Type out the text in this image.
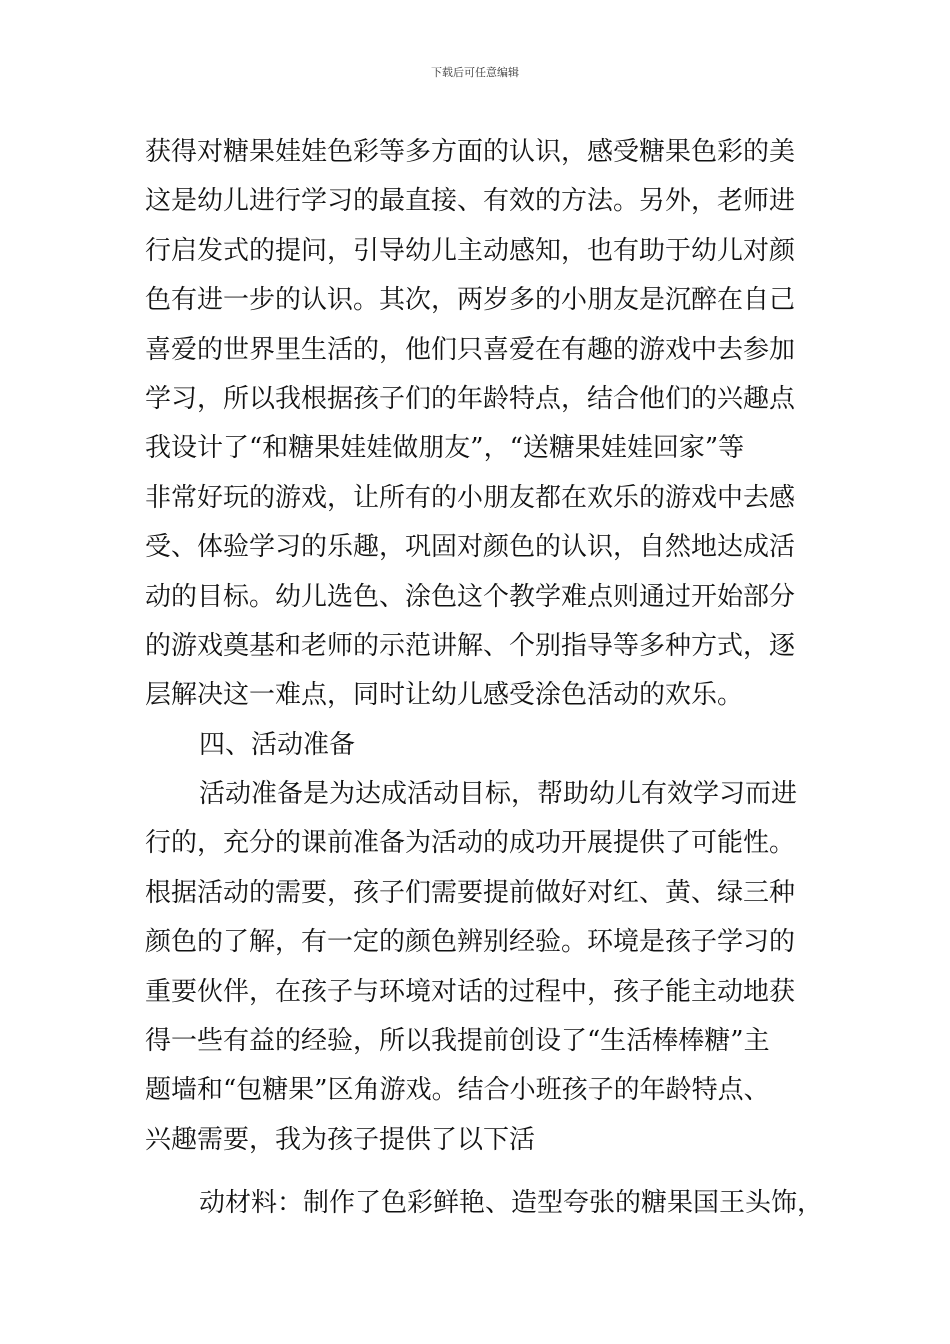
下载后可任意编辑
获得对糖果娃娃色彩等多方面的认识，感受糖果色彩的美
这是幼儿进行学习的最直接、有效的方法。另外，老师进
行启发式的提问，引导幼儿主动感知，也有助于幼儿对颜
色有进一步的认识。其次，两岁多的小朋友是沉醉在自己
喜爱的世界里生活的，他们只喜爱在有趣的游戏中去参加
学习，所以我根据孩子们的年龄特点，结合他们的兴趣点
我设计了“和糖果娃娃做朋友”，“送糖果娃娃回家”等
非常好玩的游戏，让所有的小朋友都在欢乐的游戏中去感
受、体验学习的乐趣，巩固对颜色的认识，自然地达成活
动的目标。幼儿选色、涂色这个教学难点则通过开始部分
的游戏奠基和老师的示范讲解、个别指导等多种方式，逐
层解决这一难点，同时让幼儿感受涂色活动的欢乐。
四、活动准备
活动准备是为达成活动目标，帮助幼儿有效学习而进
行的，充分的课前准备为活动的成功开展提供了可能性。
根据活动的需要，孩子们需要提前做好对红、黄、绿三种
颜色的了解，有一定的颜色辨别经验。环境是孩子学习的
重要伙伴，在孩子与环境对话的过程中，孩子能主动地获
得一些有益的经验，所以我提前创设了“生活棒棒糖”主
题墙和“包糖果”区角游戏。结合小班孩子的年龄特点、
兴趣需要，我为孩子提供了以下活
动材料：制作了色彩鲜艳、造型夸张的糖果国王头饰，
